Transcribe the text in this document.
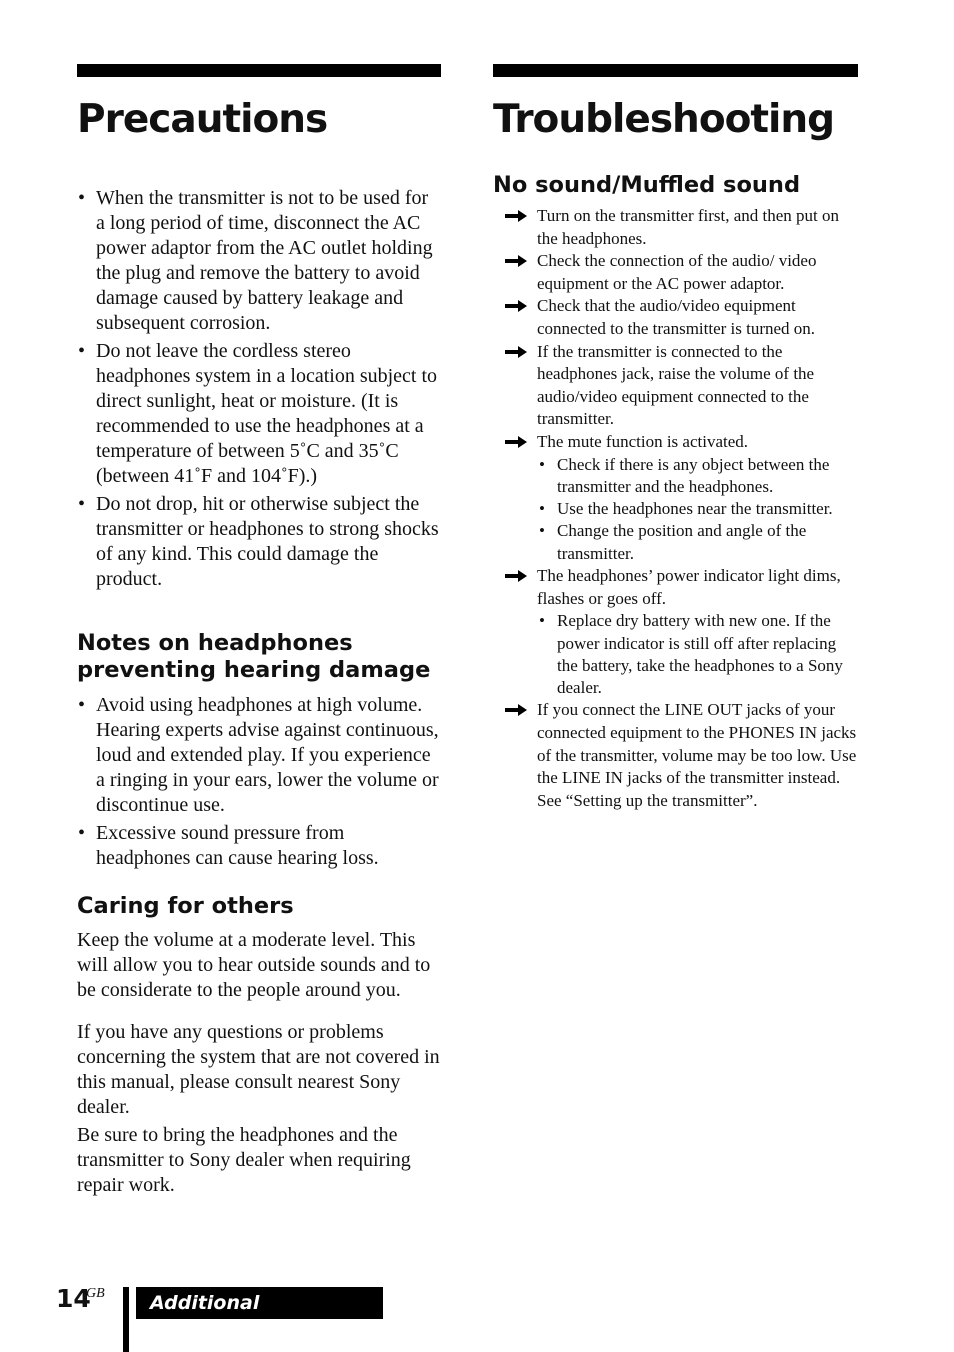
Precautions
• When the transmitter is not to be used for a long period of time, disconnect the AC power adaptor from the AC outlet holding the plug and remove the battery to avoid damage caused by battery leakage and subsequent corrosion.
• Do not leave the cordless stereo headphones system in a location subject to direct sunlight, heat or moisture. (It is recommended to use the headphones at a temperature of between 5˚C and 35˚C (between 41˚F and 104˚F).)
• Do not drop, hit or otherwise subject the transmitter or headphones to strong shocks of any kind. This could damage the product.
Notes on headphones preventing hearing damage
• Avoid using headphones at high volume. Hearing experts advise against continuous, loud and extended play. If you experience a ringing in your ears, lower the volume or discontinue use.
• Excessive sound pressure from headphones can cause hearing loss.
Caring for others

Keep the volume at a moderate level. This will allow you to hear outside sounds and to be considerate to the people around you.

If you have any questions or problems concerning the system that are not covered in this manual, please consult nearest Sony dealer.

Be sure to bring the headphones and the transmitter to Sony dealer when requiring repair work.

Troubleshooting
No sound/Muffled sound
Turn on the transmitter first, and then put on the headphones.
Check the connection of the audio/ video equipment or the AC power adaptor.
Check that the audio/video equipment connected to the transmitter is turned on.
If the transmitter is connected to the headphones jack, raise the volume of the audio/video equipment connected to the transmitter.
The mute function is activated.
• Check if there is any object between the transmitter and the headphones.
• Use the headphones near the transmitter.
• Change the position and angle of the transmitter.
The headphones’ power indicator light dims, flashes or goes off.
• Replace dry battery with new one. If the power indicator is still off after replacing the battery, take the headphones to a Sony dealer.
If you connect the LINE OUT jacks of your connected equipment to the PHONES IN jacks of the transmitter, volume may be too low. Use the LINE IN jacks of the transmitter instead. See “Setting up the transmitter”.
14
GB	Additional information
